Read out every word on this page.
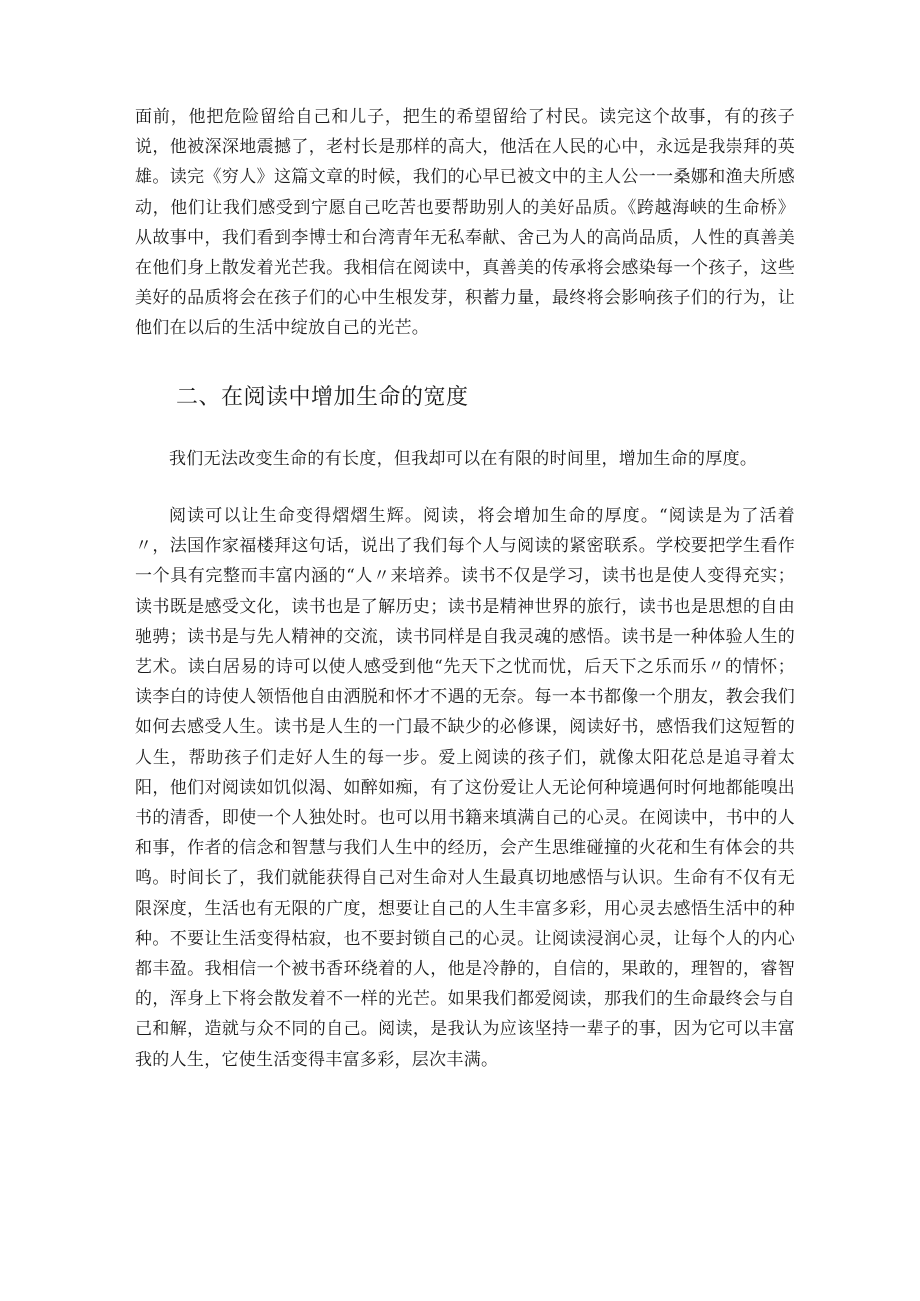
面前，他把危险留给自己和儿子，把生的希望留给了村民。读完这个故事，有的孩子说，他被深深地震撼了，老村长是那样的高大，他活在人民的心中，永远是我崇拜的英雄。读完《穷人》这篇文章的时候，我们的心早已被文中的主人公一一桑娜和渔夫所感动，他们让我们感受到宁愿自己吃苦也要帮助别人的美好品质。《跨越海峡的生命桥》从故事中，我们看到李博士和台湾青年无私奉献、舍己为人的高尚品质，人性的真善美在他们身上散发着光芒我。我相信在阅读中，真善美的传承将会感染每一个孩子，这些美好的品质将会在孩子们的心中生根发芽，积蓄力量，最终将会影响孩子们的行为，让他们在以后的生活中绽放自己的光芒。

二、在阅读中增加生命的宽度

我们无法改变生命的有长度，但我却可以在有限的时间里，增加生命的厚度。

阅读可以让生命变得熠熠生辉。阅读，将会增加生命的厚度。“阅读是为了活着〃，法国作家福楼拜这句话，说出了我们每个人与阅读的紧密联系。学校要把学生看作一个具有完整而丰富内涵的“人〃来培养。读书不仅是学习，读书也是使人变得充实；读书既是感受文化，读书也是了解历史；读书是精神世界的旅行，读书也是思想的自由驰骋；读书是与先人精神的交流，读书同样是自我灵魂的感悟。读书是一种体验人生的艺术。读白居易的诗可以使人感受到他“先天下之忧而忧，后天下之乐而乐〃的情怀；读李白的诗使人领悟他自由洒脱和怀才不遇的无奈。每一本书都像一个朋友，教会我们如何去感受人生。读书是人生的一门最不缺少的必修课，阅读好书，感悟我们这短暂的人生，帮助孩子们走好人生的每一步。爱上阅读的孩子们，就像太阳花总是追寻着太阳，他们对阅读如饥似渴、如醉如痴，有了这份爱让人无论何种境遇何时何地都能嗅出书的清香，即使一个人独处时。也可以用书籍来填满自己的心灵。在阅读中，书中的人和事，作者的信念和智慧与我们人生中的经历，会产生思维碰撞的火花和生有体会的共鸣。时间长了，我们就能获得自己对生命对人生最真切地感悟与认识。生命有不仅有无限深度，生活也有无限的广度，想要让自己的人生丰富多彩，用心灵去感悟生活中的种种。不要让生活变得枯寂，也不要封锁自己的心灵。让阅读浸润心灵，让每个人的内心都丰盈。我相信一个被书香环绕着的人，他是冷静的，自信的，果敢的，理智的，睿智的，浑身上下将会散发着不一样的光芒。如果我们都爱阅读，那我们的生命最终会与自己和解，造就与众不同的自己。阅读，是我认为应该坚持一辈子的事，因为它可以丰富我的人生，它使生活变得丰富多彩，层次丰满。
